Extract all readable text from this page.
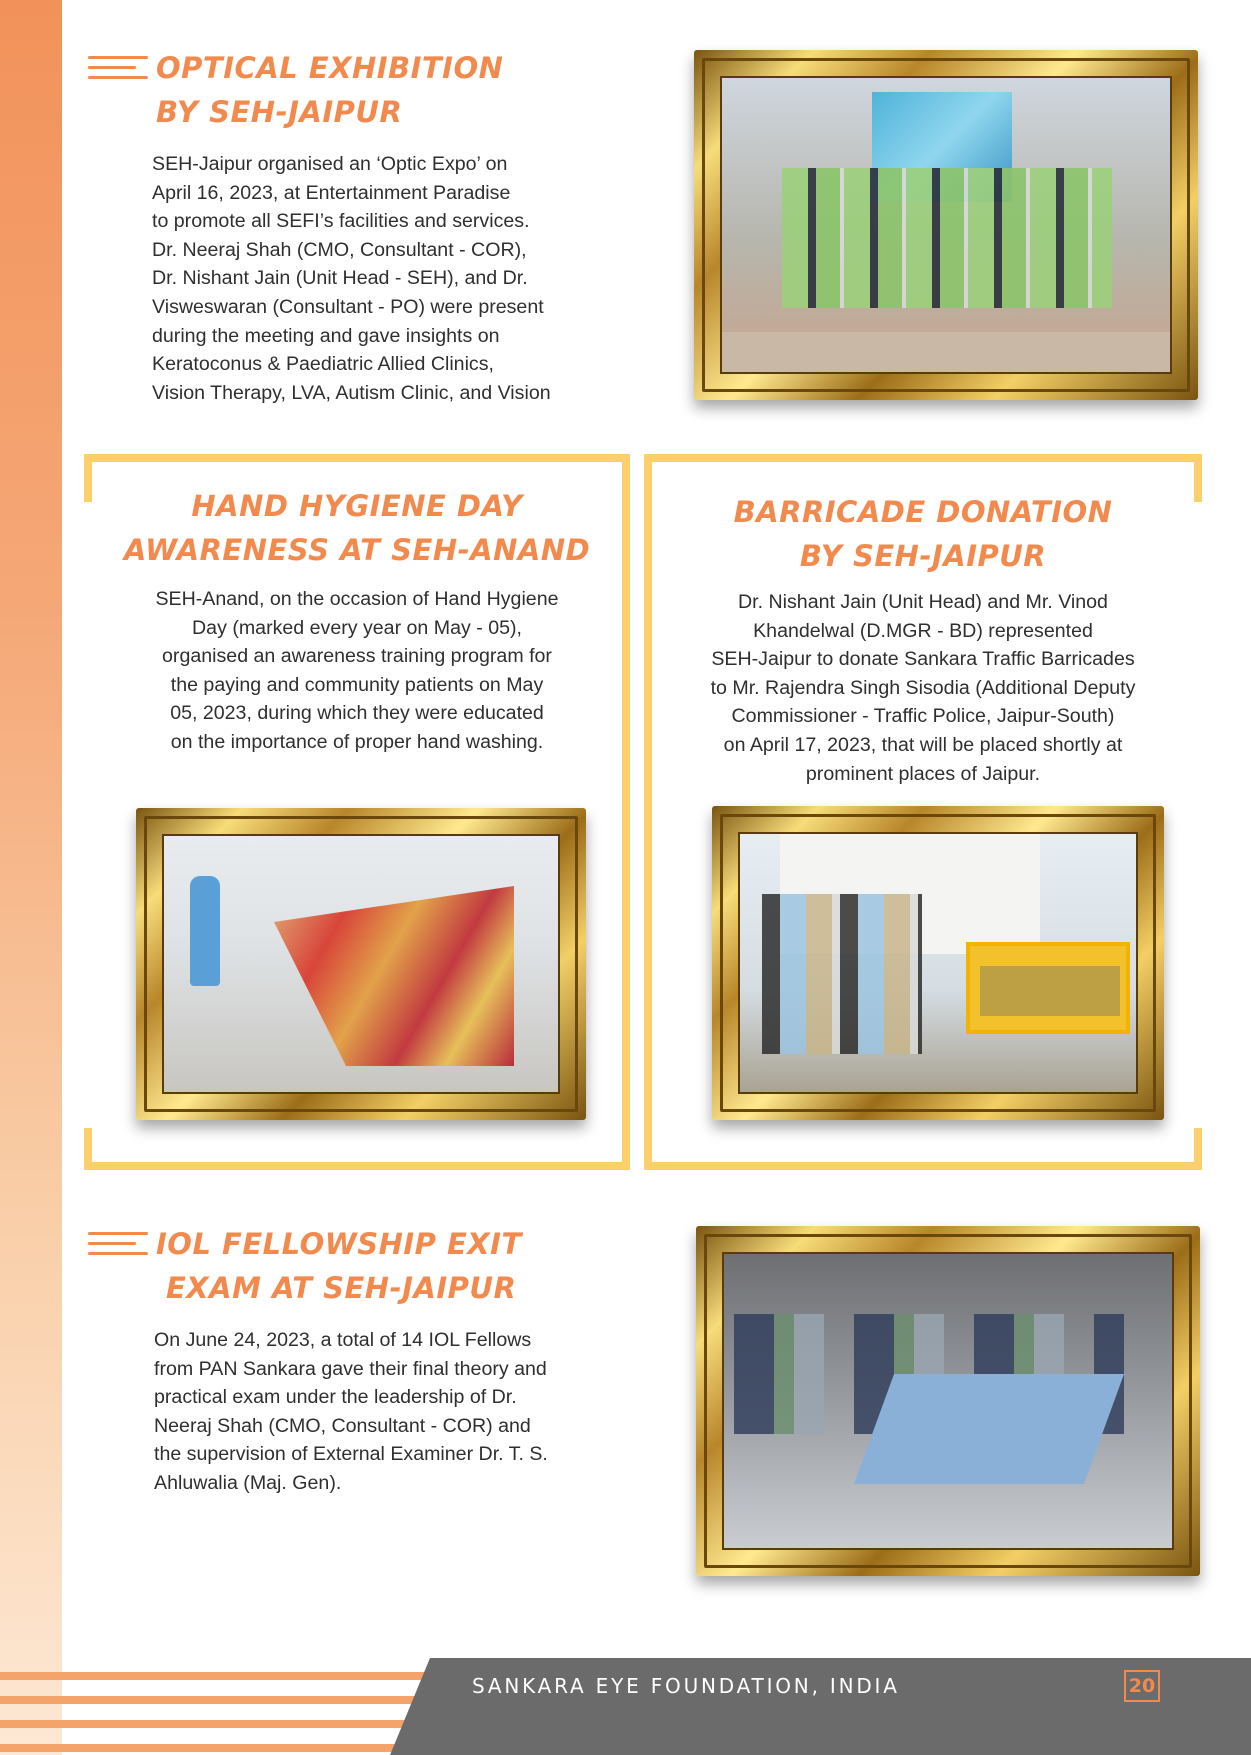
OPTICAL EXHIBITION
BY SEH-JAIPUR
SEH-Jaipur organised an ‘Optic Expo’ on
April 16, 2023, at Entertainment Paradise
to promote all SEFI’s facilities and services.
Dr. Neeraj Shah (CMO, Consultant - COR),
Dr. Nishant Jain (Unit Head - SEH), and Dr.
Visweswaran (Consultant - PO) were present
during the meeting and gave insights on
Keratoconus & Paediatric Allied Clinics,
Vision Therapy, LVA, Autism Clinic, and Vision
HAND HYGIENE DAY
AWARENESS AT SEH-ANAND
SEH-Anand, on the occasion of Hand Hygiene
Day (marked every year on May - 05),
organised an awareness training program for
the paying and community patients on May
05, 2023, during which they were educated
on the importance of proper hand washing.
BARRICADE DONATION
BY SEH-JAIPUR
Dr. Nishant Jain (Unit Head) and Mr. Vinod
Khandelwal (D.MGR - BD) represented
SEH-Jaipur to donate Sankara Traffic Barricades
to Mr. Rajendra Singh Sisodia (Additional Deputy
Commissioner - Traffic Police, Jaipur-South)
on April 17, 2023, that will be placed shortly at
prominent places of Jaipur.
IOL FELLOWSHIP EXIT
EXAM AT SEH-JAIPUR
On June 24, 2023, a total of 14 IOL Fellows
from PAN Sankara gave their final theory and
practical exam under the leadership of Dr.
Neeraj Shah (CMO, Consultant - COR) and
the supervision of External Examiner Dr. T. S.
Ahluwalia (Maj. Gen).
SANKARA EYE FOUNDATION, INDIA	20
